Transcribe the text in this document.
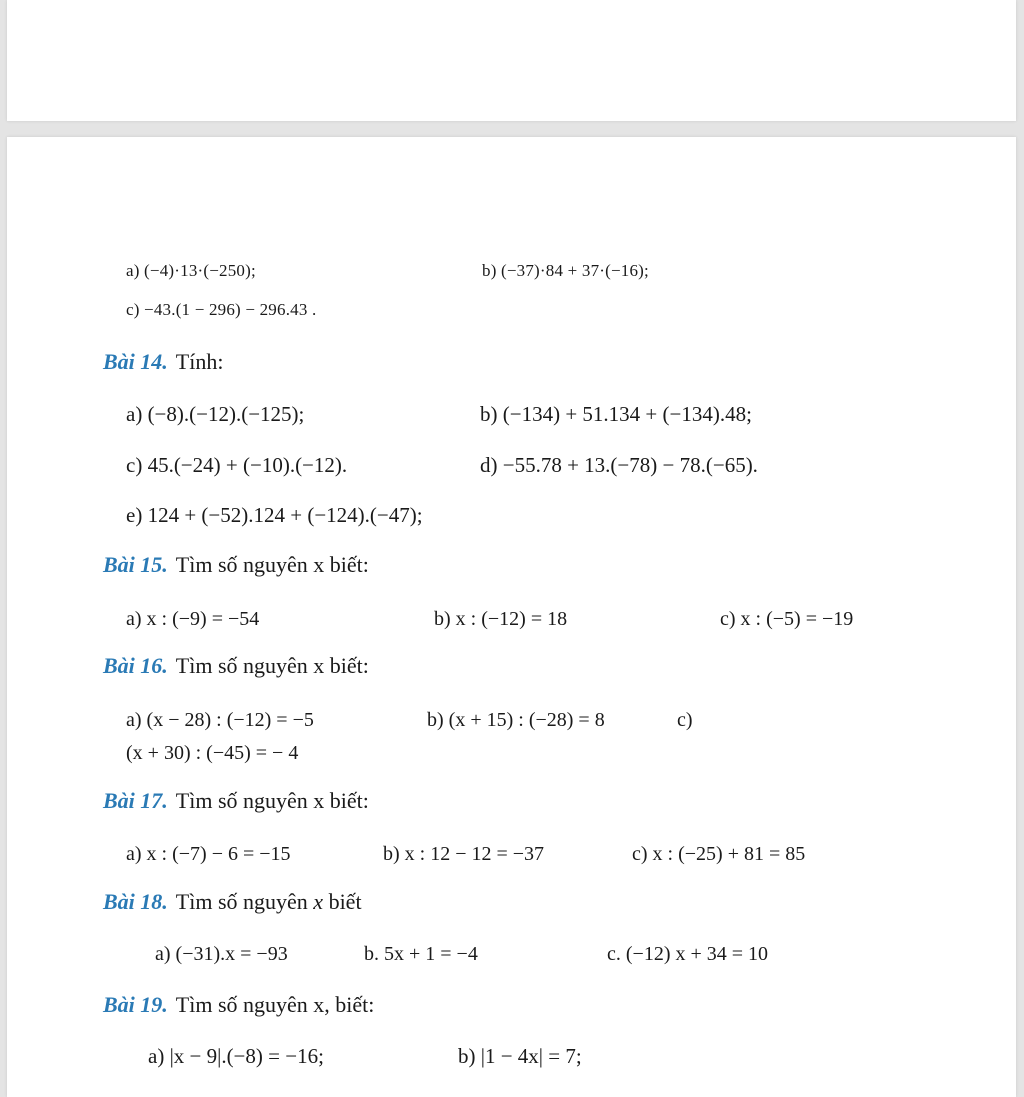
a) (−4)·13·(−250);	b) (−37)·84 + 37·(−16);
c) −43.(1 − 296) − 296.43 .
Bài 14. Tính:
a) (−8).(−12).(−125);	b) (−134) + 51.134 + (−134).48;
c) 45.(−24) + (−10).(−12).	d) −55.78 + 13.(−78) − 78.(−65).
e) 124 + (−52).124 + (−124).(−47);
Bài 15. Tìm số nguyên x biết:
a) x : (−9) = −54	b) x : (−12) = 18	c) x : (−5) = −19
Bài 16. Tìm số nguyên x biết:
a) (x − 28) : (−12) = −5	b) (x + 15) : (−28) = 8	c)
(x + 30) : (−45) = − 4
Bài 17. Tìm số nguyên x biết:
a) x : (−7) − 6 = −15	b) x : 12 − 12 = −37	c) x : (−25) + 81 = 85
Bài 18. Tìm số nguyên x biết
a) (−31).x = −93	b. 5x + 1 = −4	c. (−12) x + 34 = 10
Bài 19. Tìm số nguyên x, biết:
a) |x − 9|.(−8) = −16;	b) |1 − 4x| = 7;
